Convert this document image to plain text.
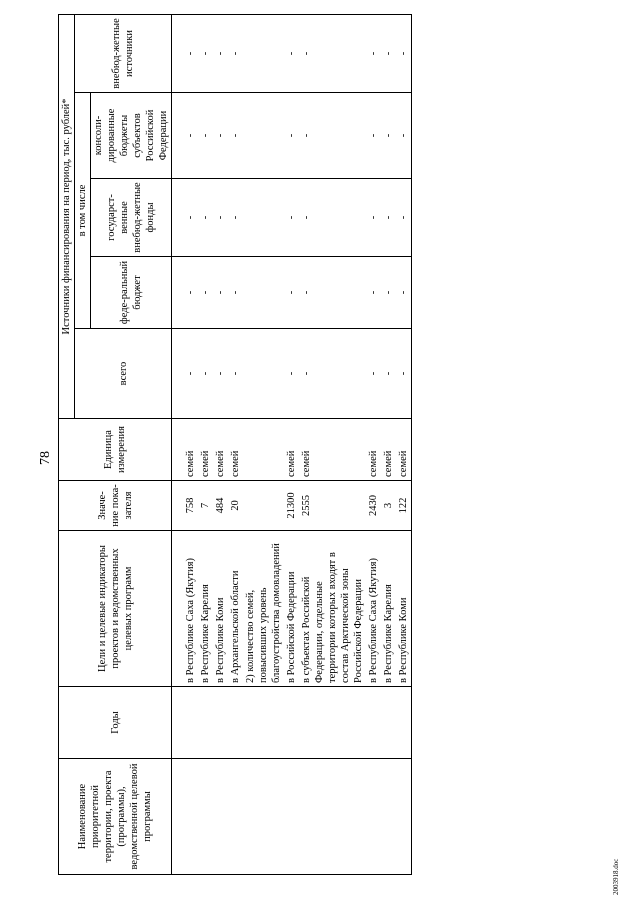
78
2003918.doc
Наименование приоритетной территории, проекта (программы), ведомственной целевой программы	Годы	Цели и целевые индикаторы проектов и ведомственных целевых программ	Значе-ние пока-зателя	Единица измерения	Источники финансирования на период, тыс. рублей*				
					всего	в том числе			внебюд-жетные источники
						феде-ральный бюджет	государст-венные внебюд-жетные фонды	консоли-дированные бюджеты субъектов Российской Федерации	
		в Республике Саха (Якутия)	758	семей	-	-	-	-	-
		в Республике Карелия	7	семей	-	-	-	-	-
		в Республике Коми	484	семей	-	-	-	-	-
		в Архангельской области	20	семей	-	-	-	-	-
		2) количество семей, повысивших уровень благоустройства домовладений							
		в Российской Федерации	21300	семей	-	-	-	-	-
		в субъектах Российской Федерации, отдельные территории которых входят в состав Арктической зоны Российской Федерации	2555	семей	-	-	-	-	-
		в Республике Саха (Якутия)	2430	семей	-	-	-	-	-
		в Республике Карелия	3	семей	-	-	-	-	-
		в Республике Коми	122	семей	-	-	-	-	-
